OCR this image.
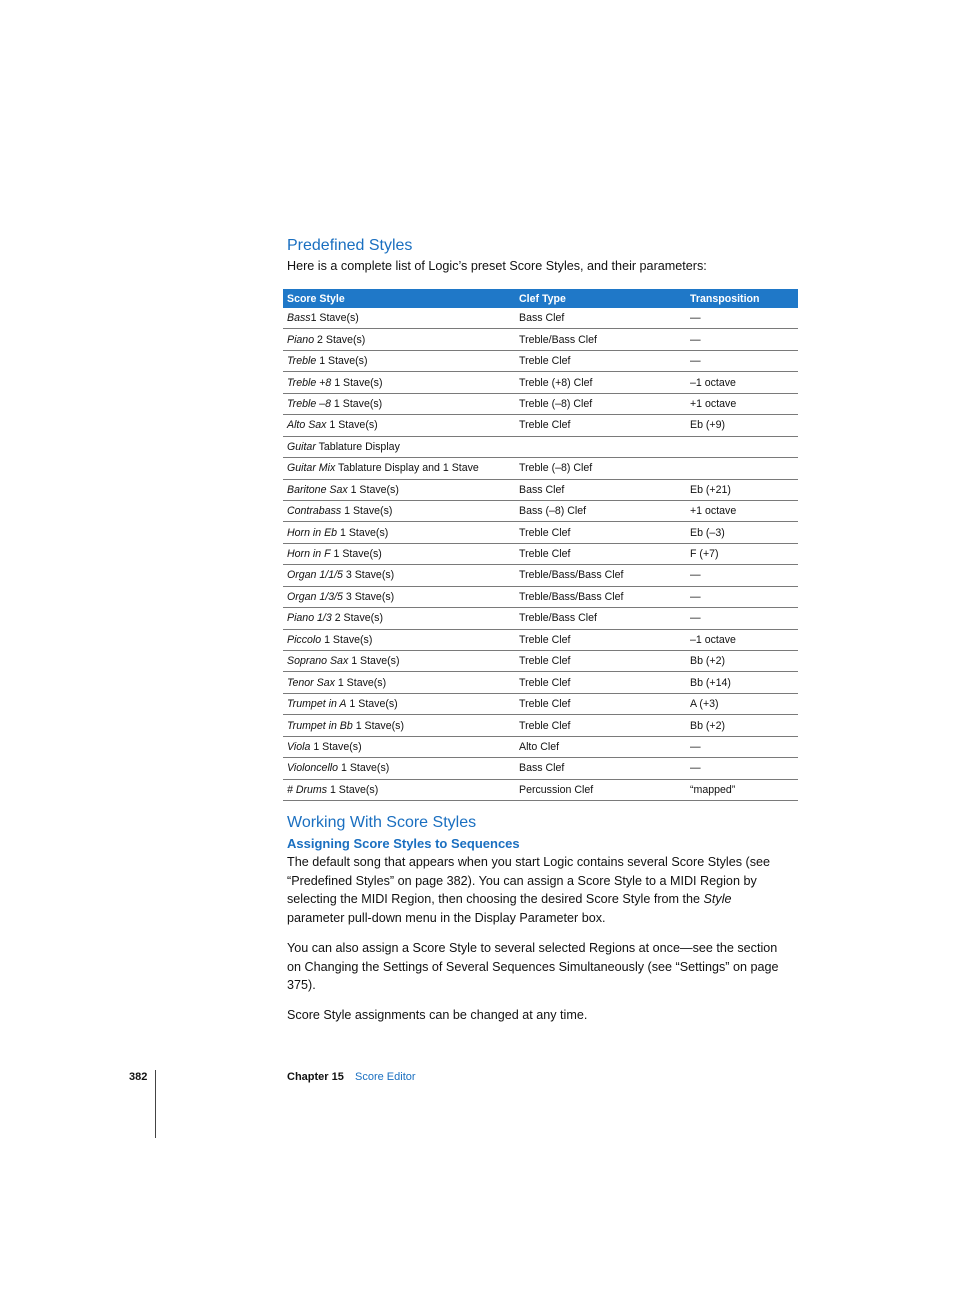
Predefined Styles

Here is a complete list of Logic’s preset Score Styles, and their parameters:

Score Style	Clef Type	Transposition
Bass1 Stave(s)	Bass Clef	—
Piano 2 Stave(s)	Treble/Bass Clef	—
Treble 1 Stave(s)	Treble Clef	—
Treble +8 1 Stave(s)	Treble (+8) Clef	–1 octave
Treble –8 1 Stave(s)	Treble (–8) Clef	+1 octave
Alto Sax 1 Stave(s)	Treble Clef	Eb (+9)
Guitar Tablature Display		
Guitar Mix Tablature Display and 1 Stave	Treble (–8) Clef	
Baritone Sax 1 Stave(s)	Bass Clef	Eb (+21)
Contrabass 1 Stave(s)	Bass (–8) Clef	+1 octave
Horn in Eb 1 Stave(s)	Treble Clef	Eb (–3)
Horn in F 1 Stave(s)	Treble Clef	F (+7)
Organ 1/1/5 3 Stave(s)	Treble/Bass/Bass Clef	—
Organ 1/3/5 3 Stave(s)	Treble/Bass/Bass Clef	—
Piano 1/3 2 Stave(s)	Treble/Bass Clef	—
Piccolo 1 Stave(s)	Treble Clef	–1 octave
Soprano Sax 1 Stave(s)	Treble Clef	Bb (+2)
Tenor Sax 1 Stave(s)	Treble Clef	Bb (+14)
Trumpet in A 1 Stave(s)	Treble Clef	A (+3)
Trumpet in Bb 1 Stave(s)	Treble Clef	Bb (+2)
Viola 1 Stave(s)	Alto Clef	—
Violoncello 1 Stave(s)	Bass Clef	—
# Drums 1 Stave(s)	Percussion Clef	“mapped”
Working With Score Styles
Assigning Score Styles to Sequences

The default song that appears when you start Logic contains several Score Styles (see “Predefined Styles” on page 382). You can assign a Score Style to a MIDI Region by selecting the MIDI Region, then choosing the desired Score Style from the Style parameter pull-down menu in the Display Parameter box.

You can also assign a Score Style to several selected Regions at once—see the section on Changing the Settings of Several Sequences Simultaneously (see “Settings” on page 375).

Score Style assignments can be changed at any time.

382	Chapter 15 Score Editor
